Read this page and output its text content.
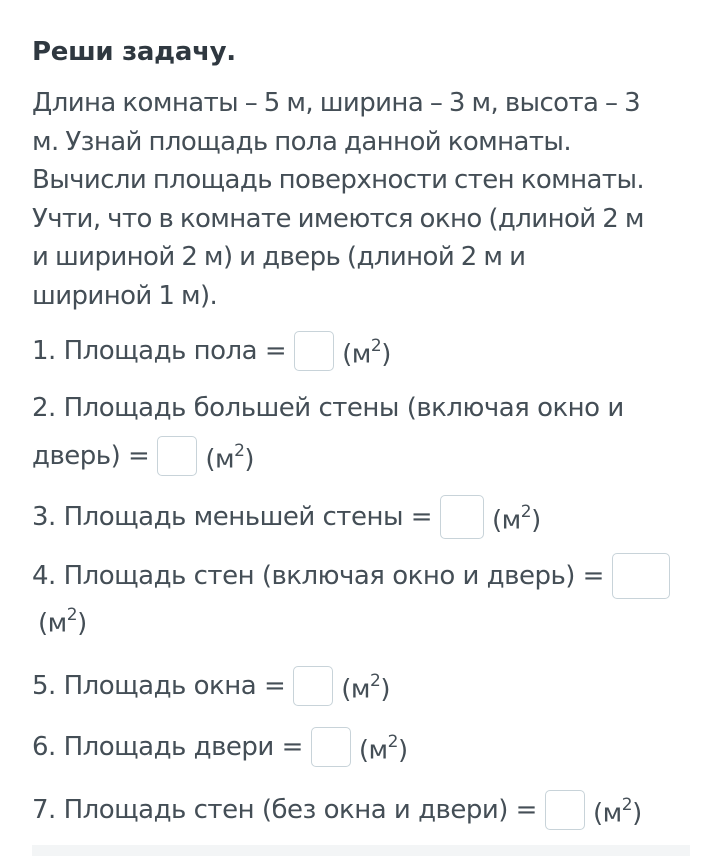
Реши задачу.
Длина комнаты – 5 м, ширина – 3 м, высота – 3
м. Узнай площадь пола данной комнаты.
Вычисли площадь поверхности стен комнаты.
Учти, что в комнате имеются окно (длиной 2 м
и шириной 2 м) и дверь (длиной 2 м и
шириной 1 м).
1. Площадь пола = $(м^2)$
2. Площадь большей стены (включая окно и
дверь) = $(м^2)$
3. Площадь меньшей стены = $(м^2)$
4. Площадь стен (включая окно и дверь) =
$(м^2)$
5. Площадь окна = $(м^2)$
6. Площадь двери = $(м^2)$
7. Площадь стен (без окна и двери) = $(м^2)$
